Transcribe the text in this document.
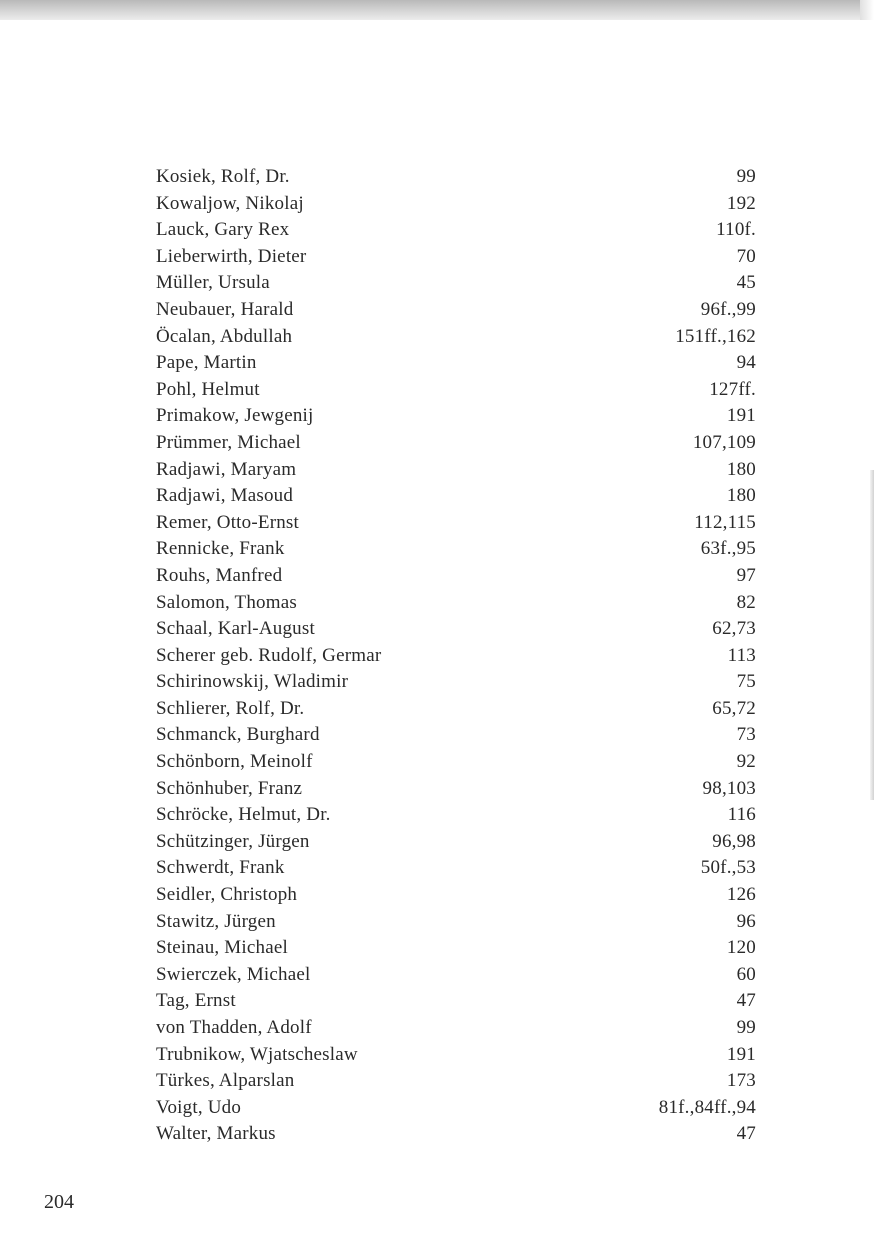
Kosiek, Rolf, Dr.	99
Kowaljow, Nikolaj	192
Lauck, Gary Rex	110f.
Lieberwirth, Dieter	70
Müller, Ursula	45
Neubauer, Harald	96f.,99
Öcalan, Abdullah	151ff.,162
Pape, Martin	94
Pohl, Helmut	127ff.
Primakow, Jewgenij	191
Prümmer, Michael	107,109
Radjawi, Maryam	180
Radjawi, Masoud	180
Remer, Otto-Ernst	112,115
Rennicke, Frank	63f.,95
Rouhs, Manfred	97
Salomon, Thomas	82
Schaal, Karl-August	62,73
Scherer geb. Rudolf, Germar	113
Schirinowskij, Wladimir	75
Schlierer, Rolf, Dr.	65,72
Schmanck, Burghard	73
Schönborn, Meinolf	92
Schönhuber, Franz	98,103
Schröcke, Helmut, Dr.	116
Schützinger, Jürgen	96,98
Schwerdt, Frank	50f.,53
Seidler, Christoph	126
Stawitz, Jürgen	96
Steinau, Michael	120
Swierczek, Michael	60
Tag, Ernst	47
von Thadden, Adolf	99
Trubnikow, Wjatscheslaw	191
Türkes, Alparslan	173
Voigt, Udo	81f.,84ff.,94
Walter, Markus	47
204
